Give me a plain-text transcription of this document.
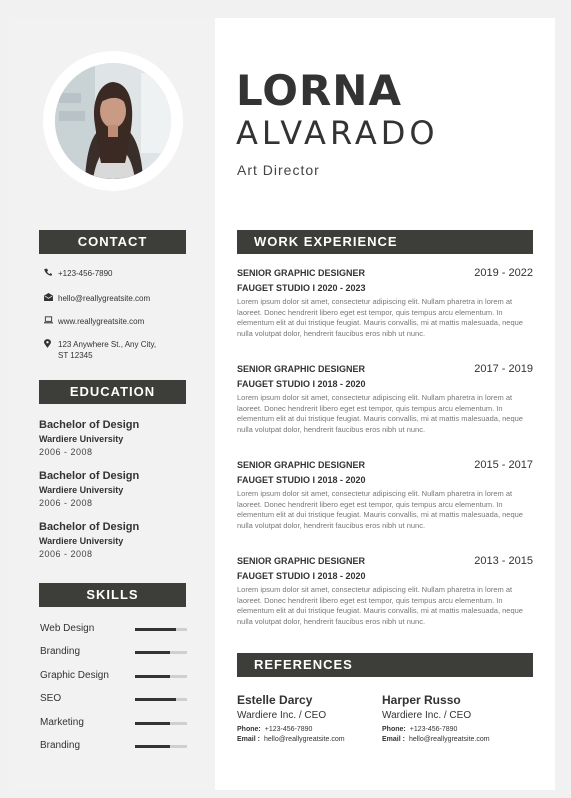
CONTACT
+123-456-7890
hello@reallygreatsite.com
www.reallygreatsite.com
123 Anywhere St., Any City,
ST 12345
EDUCATION
Bachelor of Design
Wardiere University
2006 - 2008
Bachelor of Design
Wardiere University
2006 - 2008
Bachelor of Design
Wardiere University
2006 - 2008
SKILLS
Web Design
Branding
Graphic Design
SEO
Marketing
Branding
LORNA
ALVARADO
Art Director
WORK EXPERIENCE
SENIOR GRAPHIC DESIGNER	2019 - 2022
FAUGET STUDIO I 2020 - 2023
Lorem ipsum dolor sit amet, consectetur adipiscing elit. Nullam pharetra in lorem at laoreet. Donec hendrerit libero eget est tempor, quis tempus arcu elementum. In elementum elit at dui tristique feugiat. Mauris convallis, mi at mattis malesuada, neque nulla volutpat dolor, hendrerit faucibus eros nibh ut nunc.
SENIOR GRAPHIC DESIGNER	2017 - 2019
FAUGET STUDIO I 2018 - 2020
Lorem ipsum dolor sit amet, consectetur adipiscing elit. Nullam pharetra in lorem at laoreet. Donec hendrerit libero eget est tempor, quis tempus arcu elementum. In elementum elit at dui tristique feugiat. Mauris convallis, mi at mattis malesuada, neque nulla volutpat dolor, hendrerit faucibus eros nibh ut nunc.
SENIOR GRAPHIC DESIGNER	2015 - 2017
FAUGET STUDIO I 2018 - 2020
Lorem ipsum dolor sit amet, consectetur adipiscing elit. Nullam pharetra in lorem at laoreet. Donec hendrerit libero eget est tempor, quis tempus arcu elementum. In elementum elit at dui tristique feugiat. Mauris convallis, mi at mattis malesuada, neque nulla volutpat dolor, hendrerit faucibus eros nibh ut nunc.
SENIOR GRAPHIC DESIGNER	2013 - 2015
FAUGET STUDIO I 2018 - 2020
Lorem ipsum dolor sit amet, consectetur adipiscing elit. Nullam pharetra in lorem at laoreet. Donec hendrerit libero eget est tempor, quis tempus arcu elementum. In elementum elit at dui tristique feugiat. Mauris convallis, mi at mattis malesuada, neque nulla volutpat dolor, hendrerit faucibus eros nibh ut nunc.
REFERENCES
Estelle Darcy
Wardiere Inc. / CEO
Phone: +123-456-7890
Email : hello@reallygreatsite.com
Harper Russo
Wardiere Inc. / CEO
Phone: +123-456-7890
Email : hello@reallygreatsite.com
